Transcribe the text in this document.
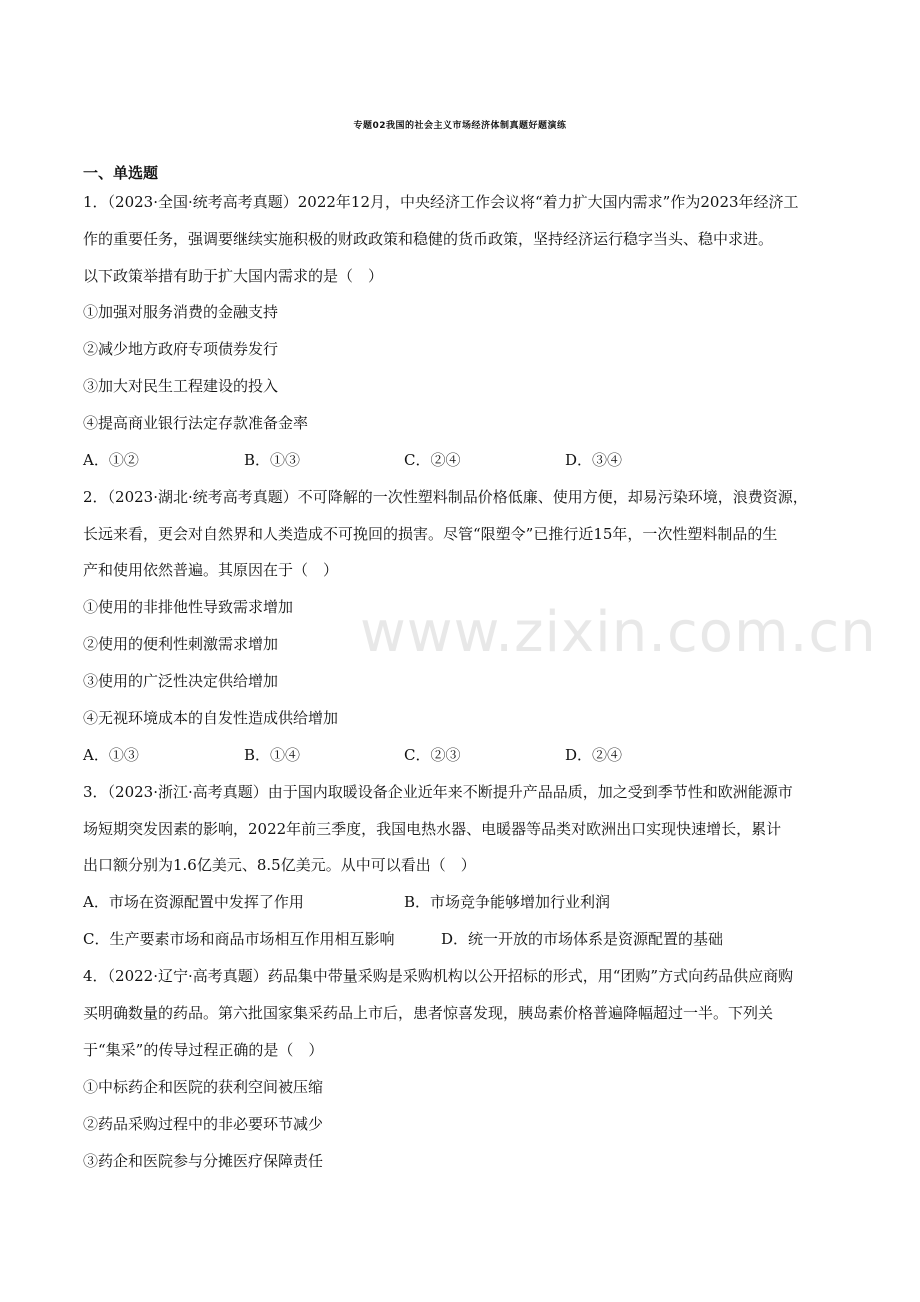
专题02我国的社会主义市场经济体制真题好题演练
一、单选题
1．（2023·全国·统考高考真题）2022年12月，中央经济工作会议将“着力扩大国内需求”作为2023年经济工
作的重要任务，强调要继续实施积极的财政政策和稳健的货币政策，坚持经济运行稳字当头、稳中求进。
以下政策举措有助于扩大国内需求的是（　）
①加强对服务消费的金融支持
②减少地方政府专项债券发行
③加大对民生工程建设的投入
④提高商业银行法定存款准备金率
A．①②	B．①③	C．②④	D．③④
2．（2023·湖北·统考高考真题）不可降解的一次性塑料制品价格低廉、使用方便，却易污染环境，浪费资源，
长远来看，更会对自然界和人类造成不可挽回的损害。尽管“限塑令”已推行近15年，一次性塑料制品的生
产和使用依然普遍。其原因在于（　）
①使用的非排他性导致需求增加
②使用的便利性刺激需求增加
③使用的广泛性决定供给增加
④无视环境成本的自发性造成供给增加
A．①③	B．①④	C．②③	D．②④
3．（2023·浙江·高考真题）由于国内取暖设备企业近年来不断提升产品品质，加之受到季节性和欧洲能源市
场短期突发因素的影响，2022年前三季度，我国电热水器、电暖器等品类对欧洲出口实现快速增长，累计
出口额分别为1.6亿美元、8.5亿美元。从中可以看出（　）
A．市场在资源配置中发挥了作用	B．市场竞争能够增加行业利润
C．生产要素市场和商品市场相互作用相互影响	D．统一开放的市场体系是资源配置的基础
4．（2022·辽宁·高考真题）药品集中带量采购是采购机构以公开招标的形式，用“团购”方式向药品供应商购
买明确数量的药品。第六批国家集采药品上市后，患者惊喜发现，胰岛素价格普遍降幅超过一半。下列关
于“集采”的传导过程正确的是（　）
①中标药企和医院的获利空间被压缩
②药品采购过程中的非必要环节减少
③药企和医院参与分摊医疗保障责任
www.zixin.com.cn
